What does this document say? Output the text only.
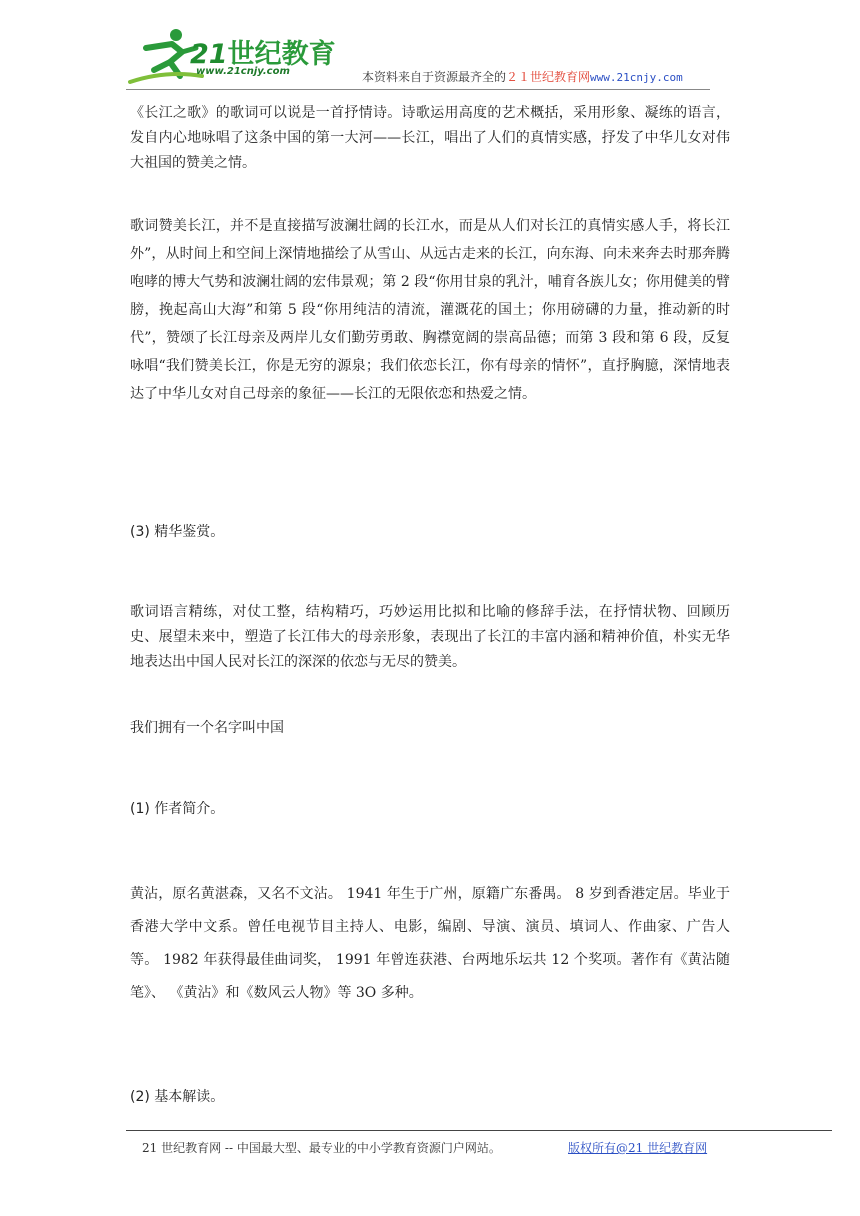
21世纪教育
www.21cnjy.com	本资料来自于资源最齐全的２１世纪教育网www.21cnjy.com

《长江之歌》的歌词可以说是一首抒情诗。诗歌运用高度的艺术概括，采用形象、凝练的语言，发自内心地咏唱了这条中国的第一大河——长江，唱出了人们的真情实感，抒发了中华儿女对伟大祖国的赞美之情。

歌词赞美长江，并不是直接描写波澜壮阔的长江水，而是从人们对长江的真情实感人手，将长江外”，从时间上和空间上深情地描绘了从雪山、从远古走来的长江，向东海、向未来奔去时那奔腾咆哮的博大气势和波澜壮阔的宏伟景观；第 2 段“你用甘泉的乳汁，哺育各族儿女；你用健美的臂膀，挽起高山大海”和第 5 段“你用纯洁的清流，灌溉花的国土；你用磅礴的力量，推动新的时代”，赞颂了长江母亲及两岸儿女们勤劳勇敢、胸襟宽阔的崇高品德；而第 3 段和第 6 段，反复咏唱“我们赞美长江，你是无穷的源泉；我们依恋长江，你有母亲的情怀”，直抒胸臆，深情地表达了中华儿女对自己母亲的象征——长江的无限依恋和热爱之情。

(3) 精华鉴赏。

歌词语言精练，对仗工整，结构精巧，巧妙运用比拟和比喻的修辞手法，在抒情状物、回顾历史、展望未来中，塑造了长江伟大的母亲形象，表现出了长江的丰富内涵和精神价值，朴实无华地表达出中国人民对长江的深深的依恋与无尽的赞美。

我们拥有一个名字叫中国

(1) 作者简介。

黄沾，原名黄湛森，又名不文沾。 1941 年生于广州，原籍广东番禺。 8 岁到香港定居。毕业于香港大学中文系。曾任电视节目主持人、电影，编剧、导演、演员、填词人、作曲家、广告人等。 1982 年获得最佳曲词奖， 1991 年曾连获港、台两地乐坛共 12 个奖项。著作有《黄沾随笔》、 《黄沾》和《数风云人物》等 3O 多种。

(2) 基本解读。

21 世纪教育网 -- 中国最大型、最专业的中小学教育资源门户网站。	版权所有@21 世纪教育网
